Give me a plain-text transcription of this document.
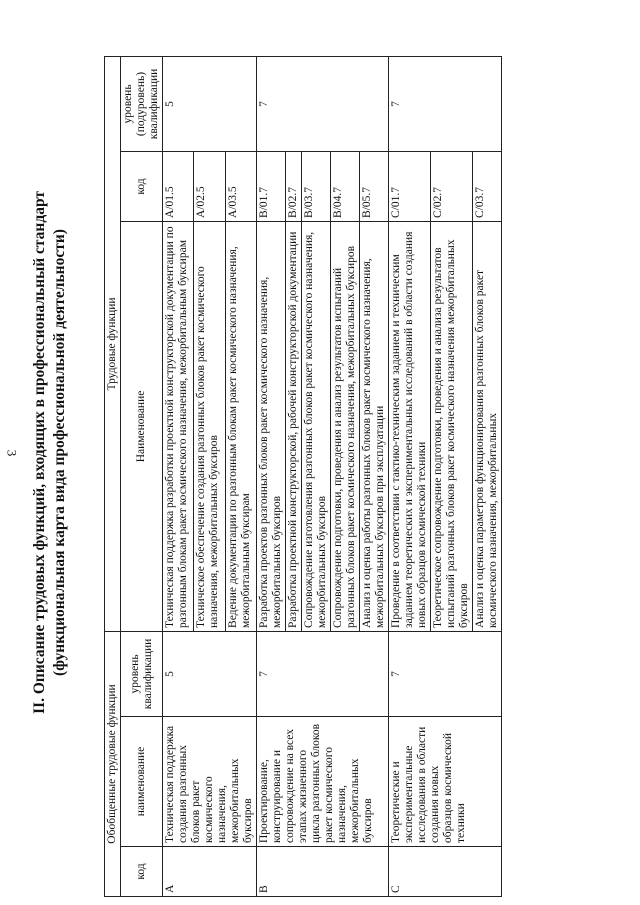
3 II. Описание трудовых функций, входящих в профессиональный стандарт (функциональная карта вида профессиональной деятельности)
Обобщенные трудовые функции			Трудовые функции		
код	наименование	уровень квалификации	Наименование	код	уровень (подуровень) квалификации
A	Техническая поддержка создания разгонных блоков ракет космического назначения, межорбитальных буксиров	5	Техническая поддержка разработки проектной конструкторской документации по разгонным блокам ракет космического назначения, межорбитальным буксирам	A/01.5	5
			Техническое обеспечение создания разгонных блоков ракет космического назначения, межорбитальных буксиров	A/02.5	
			Ведение документации по разгонным блокам ракет космического назначения, межорбитальным буксирам	A/03.5	
B	Проектирование, конструирование и сопровождение на всех этапах жизненного цикла разгонных блоков ракет космического назначения, межорбитальных буксиров	7	Разработка проектов разгонных блоков ракет космического назначения, межорбитальных буксиров	B/01.7	7
			Разработка проектной конструкторской, рабочей конструкторской документации	B/02.7	
			Сопровождение изготовления разгонных блоков ракет космического назначения, межорбитальных буксиров	B/03.7	
			Сопровождение подготовки, проведения и анализ результатов испытаний разгонных блоков ракет космического назначения, межорбитальных буксиров	B/04.7	
			Анализ и оценка работы разгонных блоков ракет космического назначения, межорбитальных буксиров при эксплуатации	B/05.7	
C	Теоретические и экспериментальные исследования в области создания новых образцов космической техники	7	Проведение в соответствии с тактико-техническим заданием и техническим заданием теоретических и экспериментальных исследований в области создания новых образцов космической техники	C/01.7	7
			Теоретическое сопровождение подготовки, проведения и анализа результатов испытаний разгонных блоков ракет космического назначения межорбитальных буксиров	C/02.7	
			Анализ и оценка параметров функционирования разгонных блоков ракет космического назначения, межорбитальных	C/03.7	
